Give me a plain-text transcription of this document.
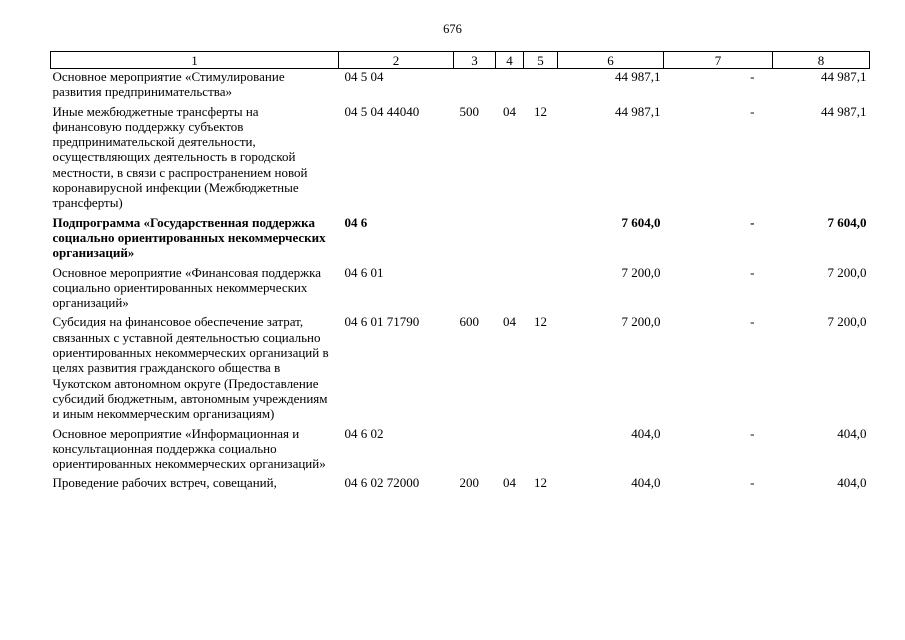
676
1	2	3	4	5	6	7	8
Основное мероприятие «Стимулирование развития предпринимательства»	04 5 04				44 987,1	-	44 987,1
Иные межбюджетные трансферты на финансовую поддержку субъектов предпринимательской деятельности, осуществляющих деятельность в городской местности, в связи с распространением новой коронавирусной инфекции (Межбюджетные трансферты)	04 5 04 44040	500	04	12	44 987,1	-	44 987,1
Подпрограмма «Государственная поддержка социально ориентированных некоммерческих организаций»	04 6				7 604,0	-	7 604,0
Основное мероприятие «Финансовая поддержка социально ориентированных некоммерческих организаций»	04 6 01				7 200,0	-	7 200,0
Субсидия на финансовое обеспечение затрат, связанных с уставной деятельностью социально ориентированных некоммерческих организаций в целях развития гражданского общества в Чукотском автономном округе (Предоставление субсидий бюджетным, автономным учреждениям и иным некоммерческим организациям)	04 6 01 71790	600	04	12	7 200,0	-	7 200,0
Основное мероприятие «Информационная и консультационная поддержка социально ориентированных некоммерческих организаций»	04 6 02				404,0	-	404,0
Проведение рабочих встреч, совещаний,	04 6 02 72000	200	04	12	404,0	-	404,0
